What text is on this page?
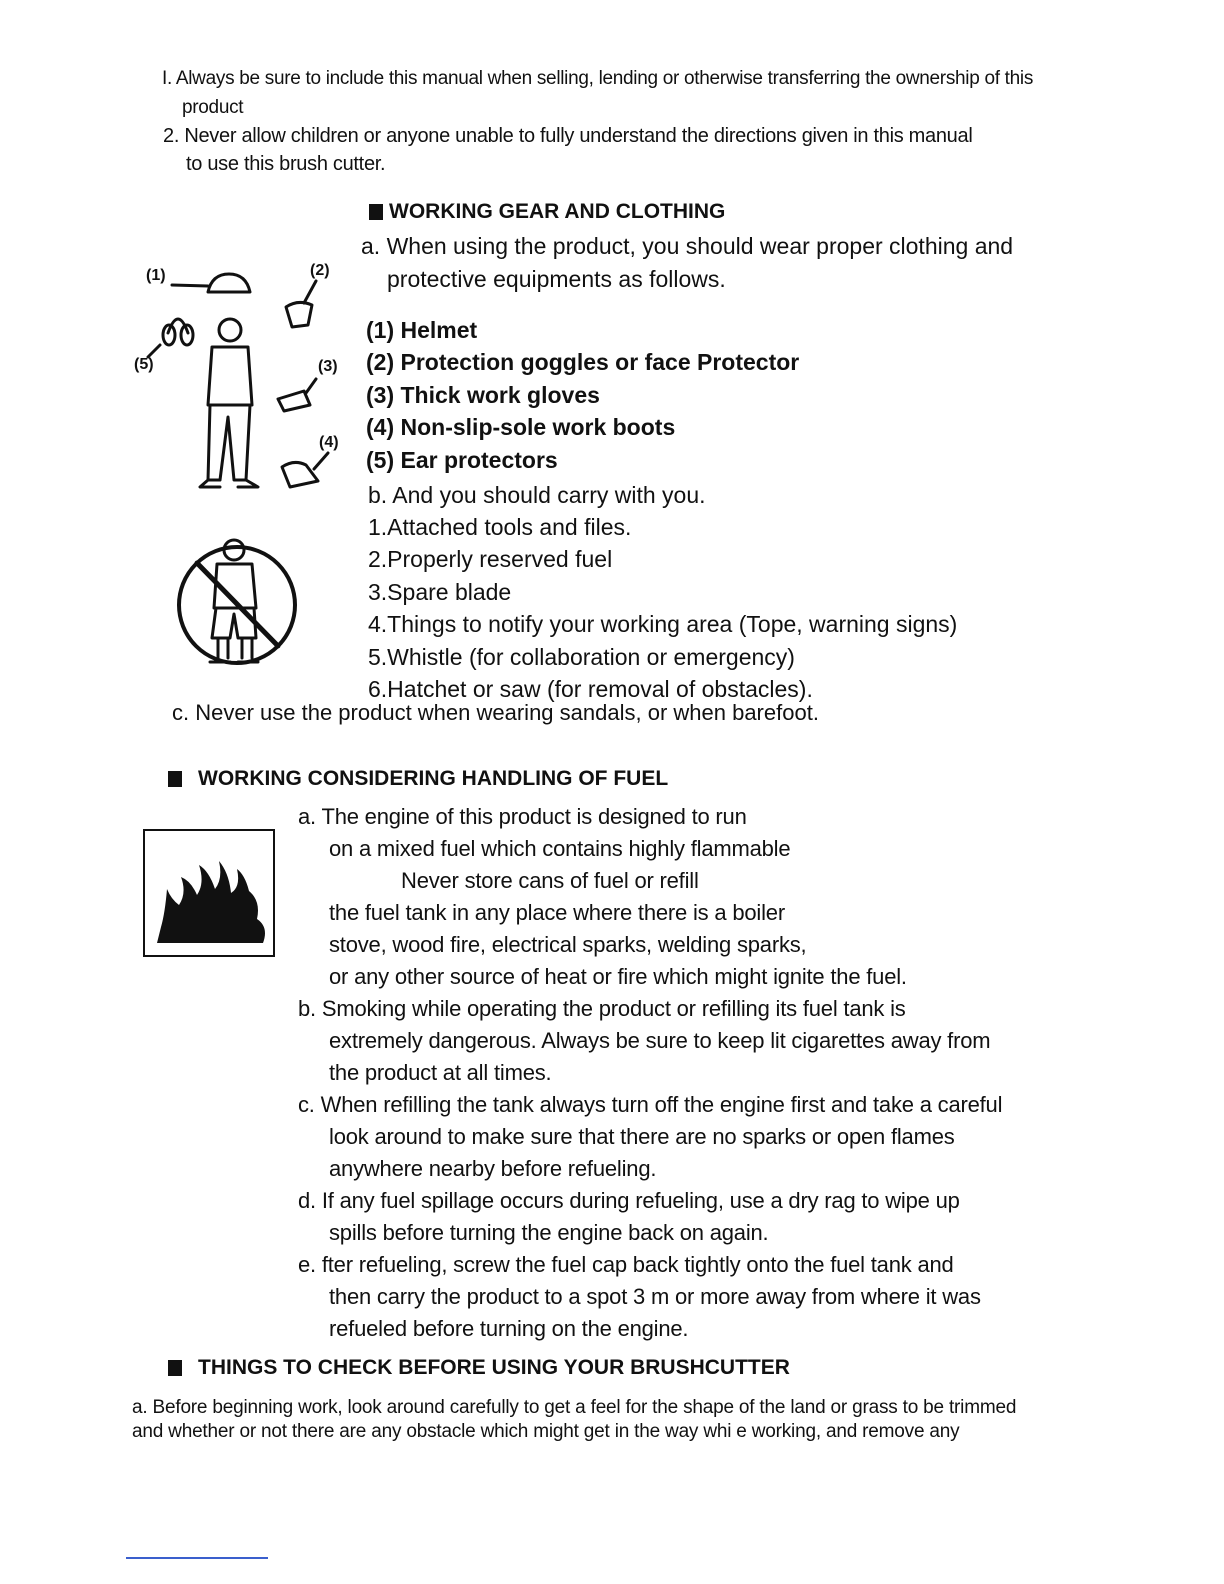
I. Always be sure to include this manual when selling, lending or otherwise transferring the ownership of this
product
2. Never allow children or anyone unable to fully understand the directions given in this manual
to use this brush cutter.
WORKING GEAR AND CLOTHING
a. When using the product, you should wear proper clothing and
protective equipments as follows.
(1) Helmet
(2) Protection goggles or face Protector
(3) Thick work gloves
(4) Non-slip-sole work boots
(5) Ear protectors
b. And you should carry with you.
1.Attached tools and files.
2.Properly reserved fuel
3.Spare blade
4.Things to notify your working area (Tope, warning signs)
5.Whistle (for collaboration or emergency)
6.Hatchet or saw (for removal of obstacles).
c. Never use the product when wearing sandals, or when barefoot.
(1)	(2)
(3)
(4)
(5)
WORKING CONSIDERING HANDLING OF FUEL
a. The engine of this product is designed to run
on a mixed fuel which contains highly flammable
Never store cans of fuel or refill
the fuel tank in any place where there is a boiler
stove, wood fire, electrical sparks, welding sparks,
or any other source of heat or fire which might ignite the fuel.
b. Smoking while operating the product or refilling its fuel tank is
extremely dangerous. Always be sure to keep lit cigarettes away from
the product at all times.
c. When refilling the tank always turn off the engine first and take a careful
look around to make sure that there are no sparks or open flames
anywhere nearby before refueling.
d. If any fuel spillage occurs during refueling, use a dry rag to wipe up
spills before turning the engine back on again.
e. fter refueling, screw the fuel cap back tightly onto the fuel tank and
then carry the product to a spot 3 m or more away from where it was
refueled before turning on the engine.
THINGS TO CHECK BEFORE USING YOUR BRUSHCUTTER
a. Before beginning work, look around carefully to get a feel for the shape of the land or grass to be trimmed
and whether or not there are any obstacle which might get in the way whi e working, and remove any
